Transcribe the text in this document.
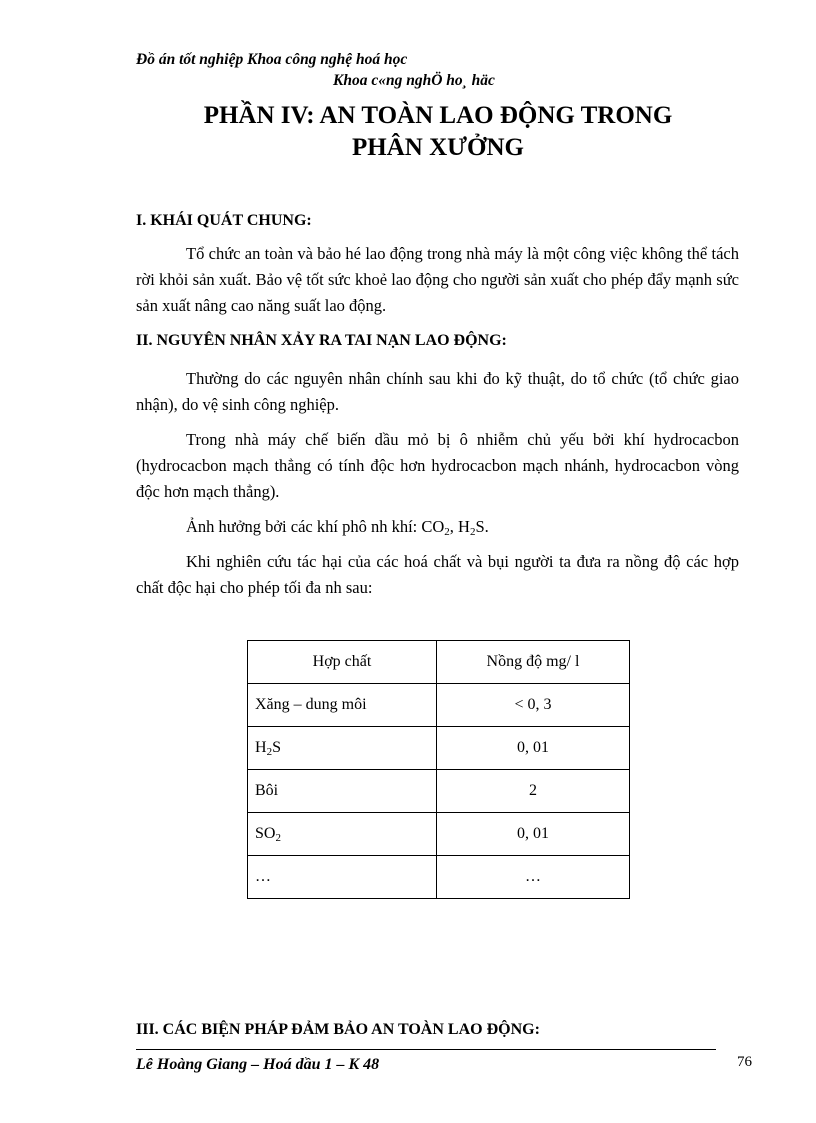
Đồ án tốt nghiệp Khoa công nghệ hoá học
Khoa c«ng nghÖ ho¸ häc
PHẦN IV: AN TOÀN LAO ĐỘNG TRONG
PHÂN XƯỞNG
I. KHÁI QUÁT CHUNG:
Tổ chức an toàn và bảo hé lao động trong nhà máy là một công việc không thể tách rời khỏi sản xuất. Bảo vệ tốt sức khoẻ lao động cho người sản xuất cho phép đẩy mạnh sức sản xuất nâng cao năng suất lao động.
II. NGUYÊN NHÂN XẢY RA TAI NẠN LAO ĐỘNG:
Thường do các nguyên nhân chính sau khi đo kỹ thuật, do tổ chức (tổ chức giao nhận), do vệ sinh công nghiệp.
Trong nhà máy chế biến dầu mỏ bị ô nhiễm chủ yếu bởi khí hydrocacbon (hydrocacbon mạch thẳng có tính độc hơn hydrocacbon mạch nhánh, hydrocacbon vòng độc hơn mạch thẳng).
Ảnh hưởng bởi các khí phô nh khí: $CO_2$, $H_2S$.
Khi nghiên cứu tác hại của các hoá chất và bụi người ta đưa ra nồng độ các hợp chất độc hại cho phép tối đa nh sau:
Hợp chất	Nồng độ mg/ l
Xăng – dung môi	< 0, 3
$H_2S$	0, 01
Bôi	2
$SO_2$	0, 01
…	…
III. CÁC BIỆN PHÁP ĐẢM BẢO AN TOÀN LAO ĐỘNG:
Lê Hoàng Giang – Hoá dầu 1 – K 48	76
